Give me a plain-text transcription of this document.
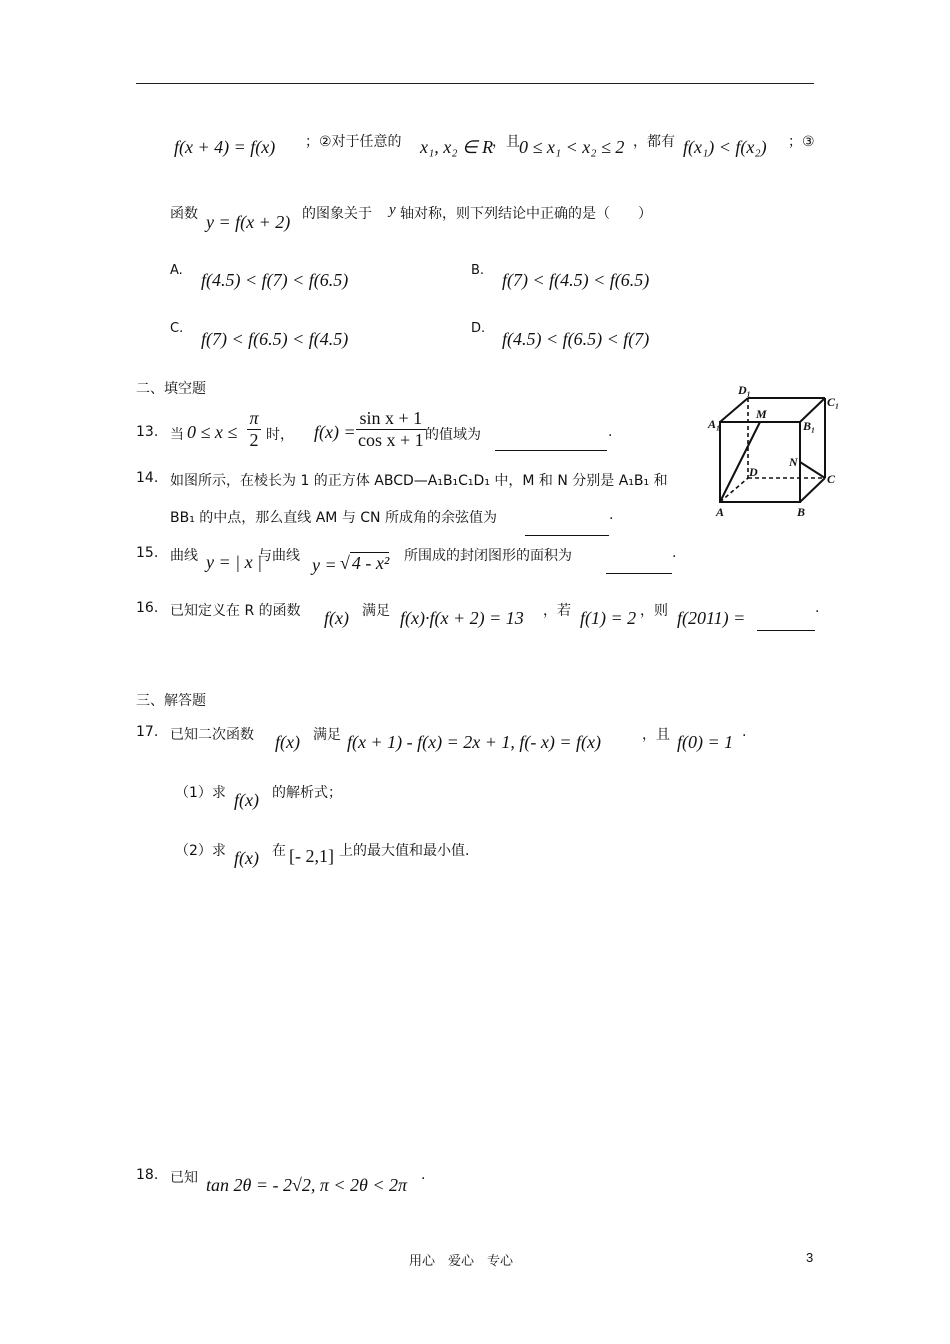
f(x + 4) = f(x) ；②对于任意的 x₁, x₂ ∈ R
，且 0 ≤ x₁ < x₂ ≤ 2 ，都有 f(x₁) < f(x₂) ；③
函数 y = f(x + 2) 的图象关于 y 轴对称，则下列结论中正确的是（　　）
A. f(4.5) < f(7) < f(6.5)	B. f(7) < f(4.5) < f(6.5)
C.
f(7) < f(6.5) < f(4.5)
D.
f(4.5) < f(6.5) < f(7)
二、填空题
13. 当 $0 \le x \le \frac{\pi}{2}$ 时， $f(x) = \frac{\text{sin x + 1}}{\text{cos x + 1}}$ 的值域为	.
14. 如图所示，在棱长为 1 的正方体 ABCD—A₁B₁C₁D₁ 中，M 和 N 分别是 A₁B₁ 和
BB₁ 的中点，那么直线 AM 与 CN 所成角的余弦值为	.
D₁
C₁
A₁
M
B₁
N
D	C
A	B
15. 曲线 y = | x |
与曲线 y = √ 4 - x² 所围成的封闭图形的面积为	.
16. 已知定义在 R 的函数 f(x) 满足 f(x)·f(x + 2) = 13 ，若 f(1) = 2 ，则 f(2011) =	.
三、解答题
17. 已知二次函数 f(x) 满足 f(x + 1) - f(x) = 2x + 1, f(- x) = f(x)	，且 f(0) = 1 .
（1）求 f(x) 的解析式；
（2）求 f(x) 在 [- 2,1] 上的最大值和最小值.
18. 已知 tan 2θ = - 2√2, π < 2θ < 2π .
用心　爱心　专心	3
